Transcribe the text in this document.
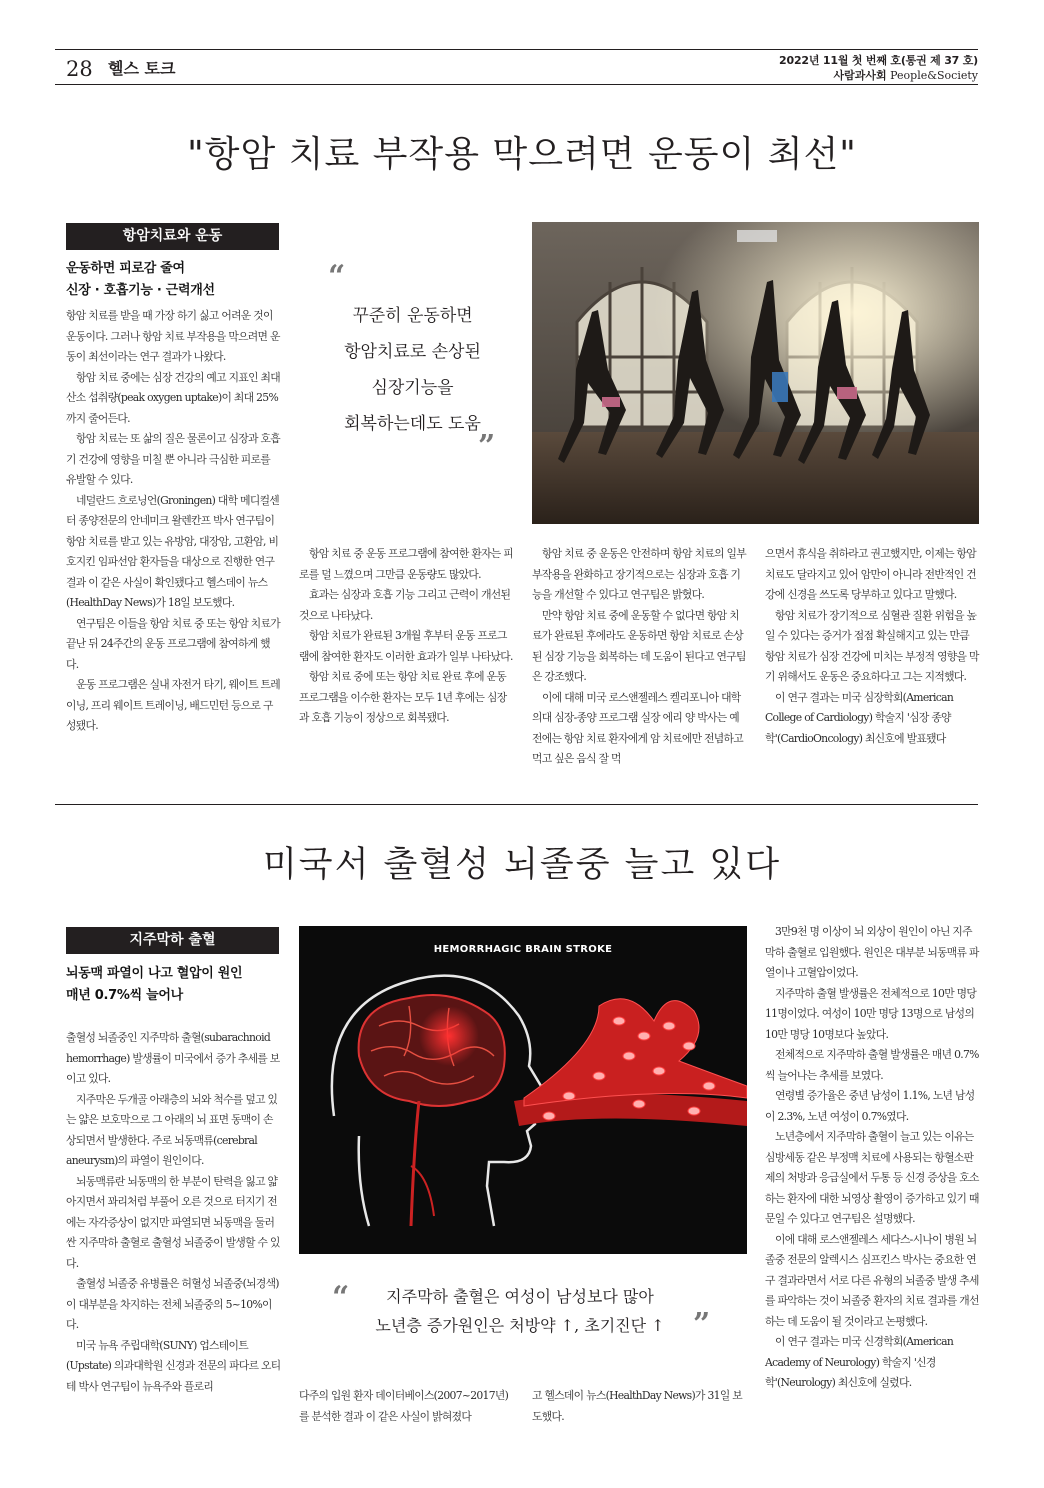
28 헬스 토크	2022년 11월 첫 번째 호(통권 제 37 호)
사람과사회 People&Society
"항암 치료 부작용 막으려면 운동이 최선"
항암치료와 운동
운동하면 피로감 줄여
신장 · 호흡기능 · 근력개선

항암 치료를 받을 때 가장 하기 싫고 어려운 것이 운동이다. 그러나 항암 치료 부작용을 막으려면 운동이 최선이라는 연구 결과가 나왔다.

항암 치료 중에는 심장 건강의 예고 지표인 최대 산소 섭취량(peak oxygen uptake)이 최대 25%까지 줄어든다.

항암 치료는 또 삶의 질은 물론이고 심장과 호흡기 건강에 영향을 미칠 뿐 아니라 극심한 피로를 유발할 수 있다.

네덜란드 흐로닝언(Groningen) 대학 메디컬센터 종양전문의 안네미크 왈렌칸프 박사 연구팀이 항암 치료를 받고 있는 유방암, 대장암, 고환암, 비호지킨 임파선암 환자들을 대상으로 진행한 연구 결과 이 같은 사실이 확인됐다고 헬스데이 뉴스(HealthDay News)가 18일 보도했다.

연구팀은 이들을 항암 치료 중 또는 항암 치료가 끝난 뒤 24주간의 운동 프로그램에 참여하게 했다.

운동 프로그램은 실내 자전거 타기, 웨이트 트레이닝, 프리 웨이트 트레이닝, 배드민턴 등으로 구성됐다.

“
꾸준히 운동하면
항암치료로 손상된
심장기능을
회복하는데도 도움
”

항암 치료 중 운동 프로그램에 참여한 환자는 피로를 덜 느꼈으며 그만큼 운동량도 많았다.

효과는 심장과 호흡 기능 그리고 근력이 개선된 것으로 나타났다.

항암 치료가 완료된 3개월 후부터 운동 프로그램에 참여한 환자도 이러한 효과가 일부 나타났다.

항암 치료 중에 또는 항암 치료 완료 후에 운동 프로그램을 이수한 환자는 모두 1년 후에는 심장과 호흡 기능이 정상으로 회복됐다.

항암 치료 중 운동은 안전하며 항암 치료의 일부 부작용을 완화하고 장기적으로는 심장과 호흡 기능을 개선할 수 있다고 연구팀은 밝혔다.

만약 항암 치료 중에 운동할 수 없다면 항암 치료가 완료된 후에라도 운동하면 항암 치료로 손상된 심장 기능을 회복하는 데 도움이 된다고 연구팀은 강조했다.

이에 대해 미국 로스앤젤레스 켈리포니아 대학 의대 심장-종양 프로그램 실장 에리 양 박사는 예전에는 항암 치료 환자에게 암 치료에만 전념하고 먹고 싶은 음식 잘 먹

으면서 휴식을 취하라고 권고했지만, 이제는 항암 치료도 달라지고 있어 암만이 아니라 전반적인 건강에 신경을 쓰도록 당부하고 있다고 말했다.

항암 치료가 장기적으로 심혈관 질환 위험을 높일 수 있다는 증거가 점점 확실해지고 있는 만큼 항암 치료가 심장 건강에 미치는 부정적 영향을 막기 위해서도 운동은 중요하다고 그는 지적했다.

이 연구 결과는 미국 심장학회(American College of Cardiology) 학술지 '심장 종양학'(CardioOncology) 최신호에 발표됐다

미국서 출혈성 뇌졸중 늘고 있다
지주막하 출혈
뇌동맥 파열이 나고 혈압이 원인
매년 0.7%씩 늘어나

출혈성 뇌졸중인 지주막하 출혈(subarachnoid hemorrhage) 발생률이 미국에서 증가 추세를 보이고 있다.

지주막은 두개골 아래층의 뇌와 척수를 덮고 있는 얇은 보호막으로 그 아래의 뇌 표면 동맥이 손상되면서 발생한다. 주로 뇌동맥류(cerebral aneurysm)의 파열이 원인이다.

뇌동맥류란 뇌동맥의 한 부분이 탄력을 잃고 얇아지면서 꽈리처럼 부풀어 오른 것으로 터지기 전에는 자각증상이 없지만 파열되면 뇌동맥을 둘러싼 지주막하 출혈로 출혈성 뇌졸중이 발생할 수 있다.

출혈성 뇌졸중 유병률은 허혈성 뇌졸중(뇌경색)이 대부분을 차지하는 전체 뇌졸중의 5~10%이다.

미국 뉴욕 주립대학(SUNY) 업스테이트(Upstate) 의과대학원 신경과 전문의 파다르 오티테 박사 연구팀이 뉴욕주와 플로리

HEMORRHAGIC BRAIN STROKE
“	지주막하 출혈은 여성이 남성보다 많아
노년층 증가원인은 처방약 ↑, 초기진단 ↑ ”

다주의 입원 환자 데이터베이스(2007~2017년)를 분석한 결과 이 같은 사실이 밝혀졌다

고 헬스데이 뉴스(HealthDay News)가 31일 보도했다.

3만9천 명 이상이 뇌 외상이 원인이 아닌 지주막하 출혈로 입원했다. 원인은 대부분 뇌동맥류 파열이나 고혈압이었다.

지주막하 출혈 발생률은 전체적으로 10만 명당 11명이었다. 여성이 10만 명당 13명으로 남성의 10만 명당 10명보다 높았다.

전체적으로 지주막하 출혈 발생률은 매년 0.7%씩 늘어나는 추세를 보였다.

연령별 증가율은 중년 남성이 1.1%, 노년 남성이 2.3%, 노년 여성이 0.7%였다.

노년층에서 지주막하 출혈이 늘고 있는 이유는 심방세동 같은 부정맥 치료에 사용되는 항혈소판제의 처방과 응급실에서 두통 등 신경 증상을 호소하는 환자에 대한 뇌영상 촬영이 증가하고 있기 때문일 수 있다고 연구팀은 설명했다.

이에 대해 로스앤젤레스 세다스-시나이 병원 뇌졸중 전문의 알렉시스 심프킨스 박사는 중요한 연구 결과라면서 서로 다른 유형의 뇌졸중 발생 추세를 파악하는 것이 뇌졸중 환자의 치료 결과를 개선하는 데 도움이 될 것이라고 논평했다.

이 연구 결과는 미국 신경학회(American Academy of Neurology) 학술지 '신경학'(Neurology) 최신호에 실렸다.
